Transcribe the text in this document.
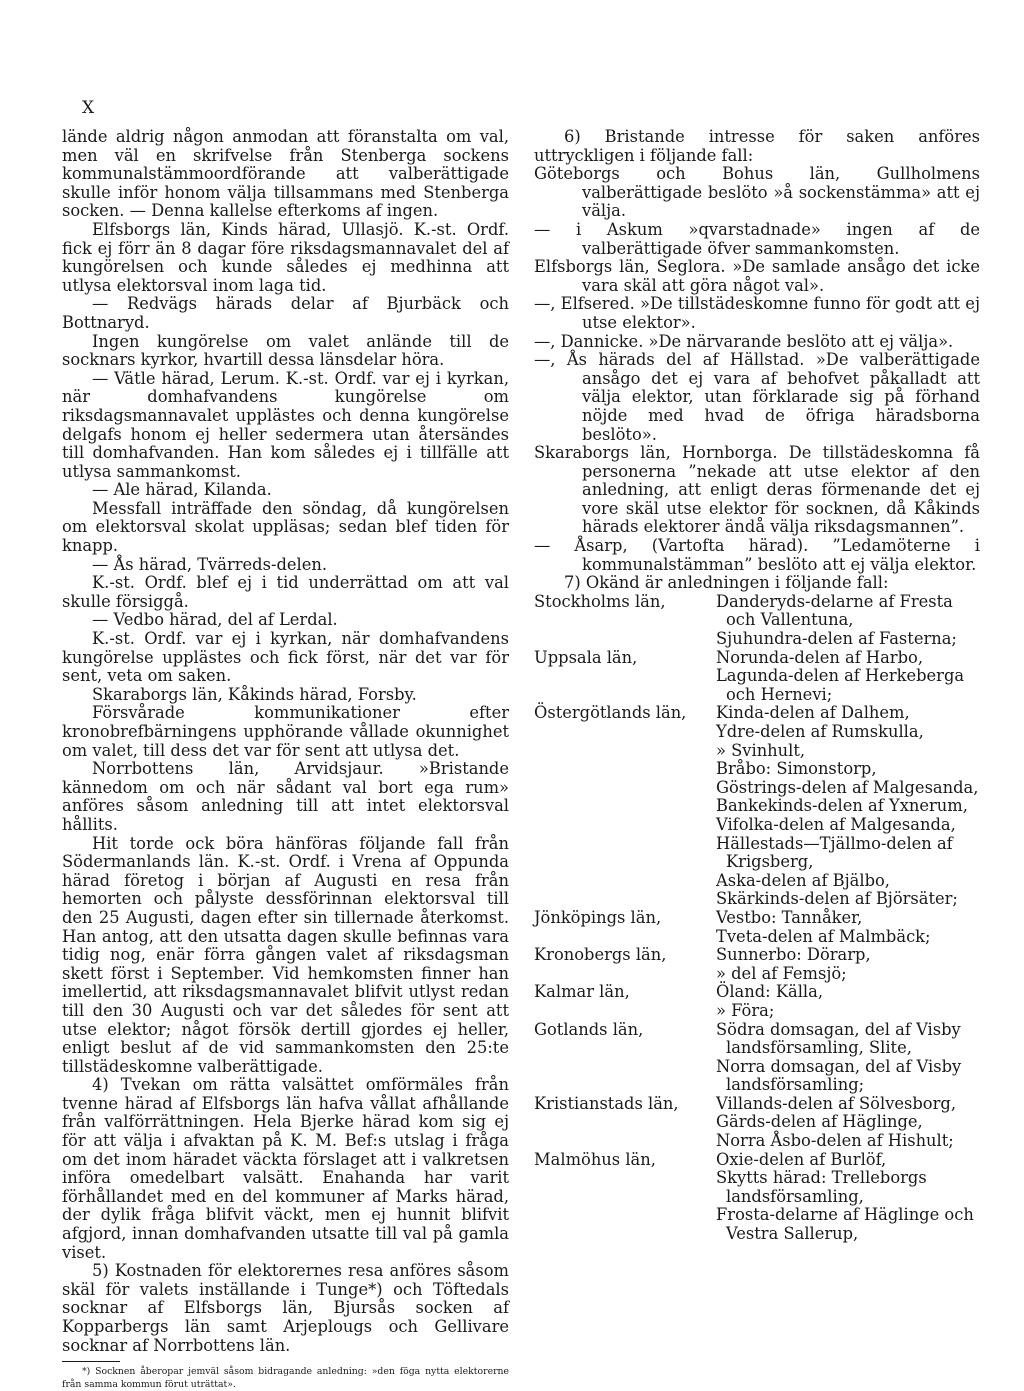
X

lände aldrig någon anmodan att föranstalta om val, men väl en skrifvelse från Stenberga sockens kommunalstämmoordförande att valberättigade skulle inför honom välja tillsammans med Stenberga socken. — Denna kallelse efterkoms af ingen.

Elfsborgs län, Kinds härad, Ullasjö. K.-st. Ordf. fick ej förr än 8 dagar före riksdagsmannavalet del af kungörelsen och kunde således ej medhinna att utlysa elektorsval inom laga tid.

— Redvägs härads delar af Bjurbäck och Bottnaryd.

Ingen kungörelse om valet anlände till de socknars kyrkor, hvartill dessa länsdelar höra.

— Vätle härad, Lerum. K.-st. Ordf. var ej i kyrkan, när domhafvandens kungörelse om riksdagsmannavalet upplästes och denna kungörelse delgafs honom ej heller sedermera utan återsändes till domhafvanden. Han kom således ej i tillfälle att utlysa sammankomst.

— Ale härad, Kilanda.

Messfall inträffade den söndag, då kungörelsen om elektorsval skolat uppläsas; sedan blef tiden för knapp.

— Ås härad, Tvärreds-delen.

K.-st. Ordf. blef ej i tid underrättad om att val skulle försiggå.

— Vedbo härad, del af Lerdal.

K.-st. Ordf. var ej i kyrkan, när domhafvandens kungörelse upplästes och fick först, när det var för sent, veta om saken.

Skaraborgs län, Kåkinds härad, Forsby.

Försvårade kommunikationer efter kronobrefbärningens upphörande vållade okunnighet om valet, till dess det var för sent att utlysa det.

Norrbottens län, Arvidsjaur. »Bristande kännedom om och när sådant val bort ega rum» anföres såsom anledning till att intet elektorsval hållits.

Hit torde ock böra hänföras följande fall från Södermanlands län. K.-st. Ordf. i Vrena af Oppunda härad företog i början af Augusti en resa från hemorten och pålyste dessförinnan elektorsval till den 25 Augusti, dagen efter sin tillernade återkomst. Han antog, att den utsatta dagen skulle befinnas vara tidig nog, enär förra gången valet af riksdagsman skett först i September. Vid hemkomsten finner han imellertid, att riksdagsmannavalet blifvit utlyst redan till den 30 Augusti och var det således för sent att utse elektor; något försök dertill gjordes ej heller, enligt beslut af de vid sammankomsten den 25:te tillstädeskomne valberättigade.

4) Tvekan om rätta valsättet omförmäles från tvenne härad af Elfsborgs län hafva vållat afhållande från valförrättningen. Hela Bjerke härad kom sig ej för att välja i afvaktan på K. M. Bef:s utslag i fråga om det inom häradet väckta förslaget att i valkretsen införa omedelbart valsätt. Enahanda har varit förhållandet med en del kommuner af Marks härad, der dylik fråga blifvit väckt, men ej hunnit blifvit afgjord, innan domhafvanden utsatte till val på gamla viset.

5) Kostnaden för elektorernes resa anföres såsom skäl för valets inställande i Tunge*) och Töftedals socknar af Elfsborgs län, Bjursås socken af Kopparbergs län samt Arjeplougs och Gellivare socknar af Norrbottens län.

*) Socknen åberopar jemväl såsom bidragande anledning: »den föga nytta elektorerne från samma kommun förut uträttat».

6) Bristande intresse för saken anföres uttryckligen i följande fall:

Göteborgs och Bohus län, Gullholmens valberättigade beslöto »å sockenstämma» att ej välja.

— i Askum »qvarstadnade» ingen af de valberättigade öfver sammankomsten.

Elfsborgs län, Seglora. »De samlade ansågo det icke vara skäl att göra något val».

—, Elfsered. »De tillstädeskomne funno för godt att ej utse elektor».

—, Dannicke. »De närvarande beslöto att ej välja».

—, Ås härads del af Hällstad. »De valberättigade ansågo det ej vara af behofvet påkalladt att välja elektor, utan förklarade sig på förhand nöjde med hvad de öfriga häradsborna beslöto».

Skaraborgs län, Hornborga. De tillstädeskomna få personerna ”nekade att utse elektor af den anledning, att enligt deras förmenande det ej vore skäl utse elektor för socknen, då Kåkinds härads elektorer ändå välja riksdagsmannen”.

— Åsarp, (Vartofta härad). ”Ledamöterne i kommunalstämman” beslöto att ej välja elektor.

7) Okänd är anledningen i följande fall:

Stockholms län,	Danderyds-delarne af Fresta och Vallentuna,
Sjuhundra-delen af Fasterna;
Uppsala län,	Norunda-delen af Harbo,
Lagunda-delen af Herkeberga och Hernevi;
Östergötlands län,	Kinda-delen af Dalhem,
Ydre-delen af Rumskulla,
» Svinhult,
Bråbo: Simonstorp,
Göstrings-delen af Malgesanda,
Bankekinds-delen af Yxnerum,
Vifolka-delen af Malgesanda,
Hällestads—Tjällmo-delen af Krigsberg,
Aska-delen af Bjälbo,
Skärkinds-delen af Björsäter;
Jönköpings län,	Vestbo: Tannåker,
Tveta-delen af Malmbäck;
Kronobergs län,	Sunnerbo: Dörarp,
» del af Femsjö;
Kalmar län,	Öland: Källa,
» Föra;
Gotlands län,	Södra domsagan, del af Visby landsförsamling, Slite,
Norra domsagan, del af Visby landsförsamling;
Kristianstads län,	Villands-delen af Sölvesborg,
Gärds-delen af Häglinge,
Norra Åsbo-delen af Hishult;
Malmöhus län,	Oxie-delen af Burlöf,
Skytts härad: Trelleborgs landsförsamling,
Frosta-delarne af Häglinge och Vestra Sallerup,
